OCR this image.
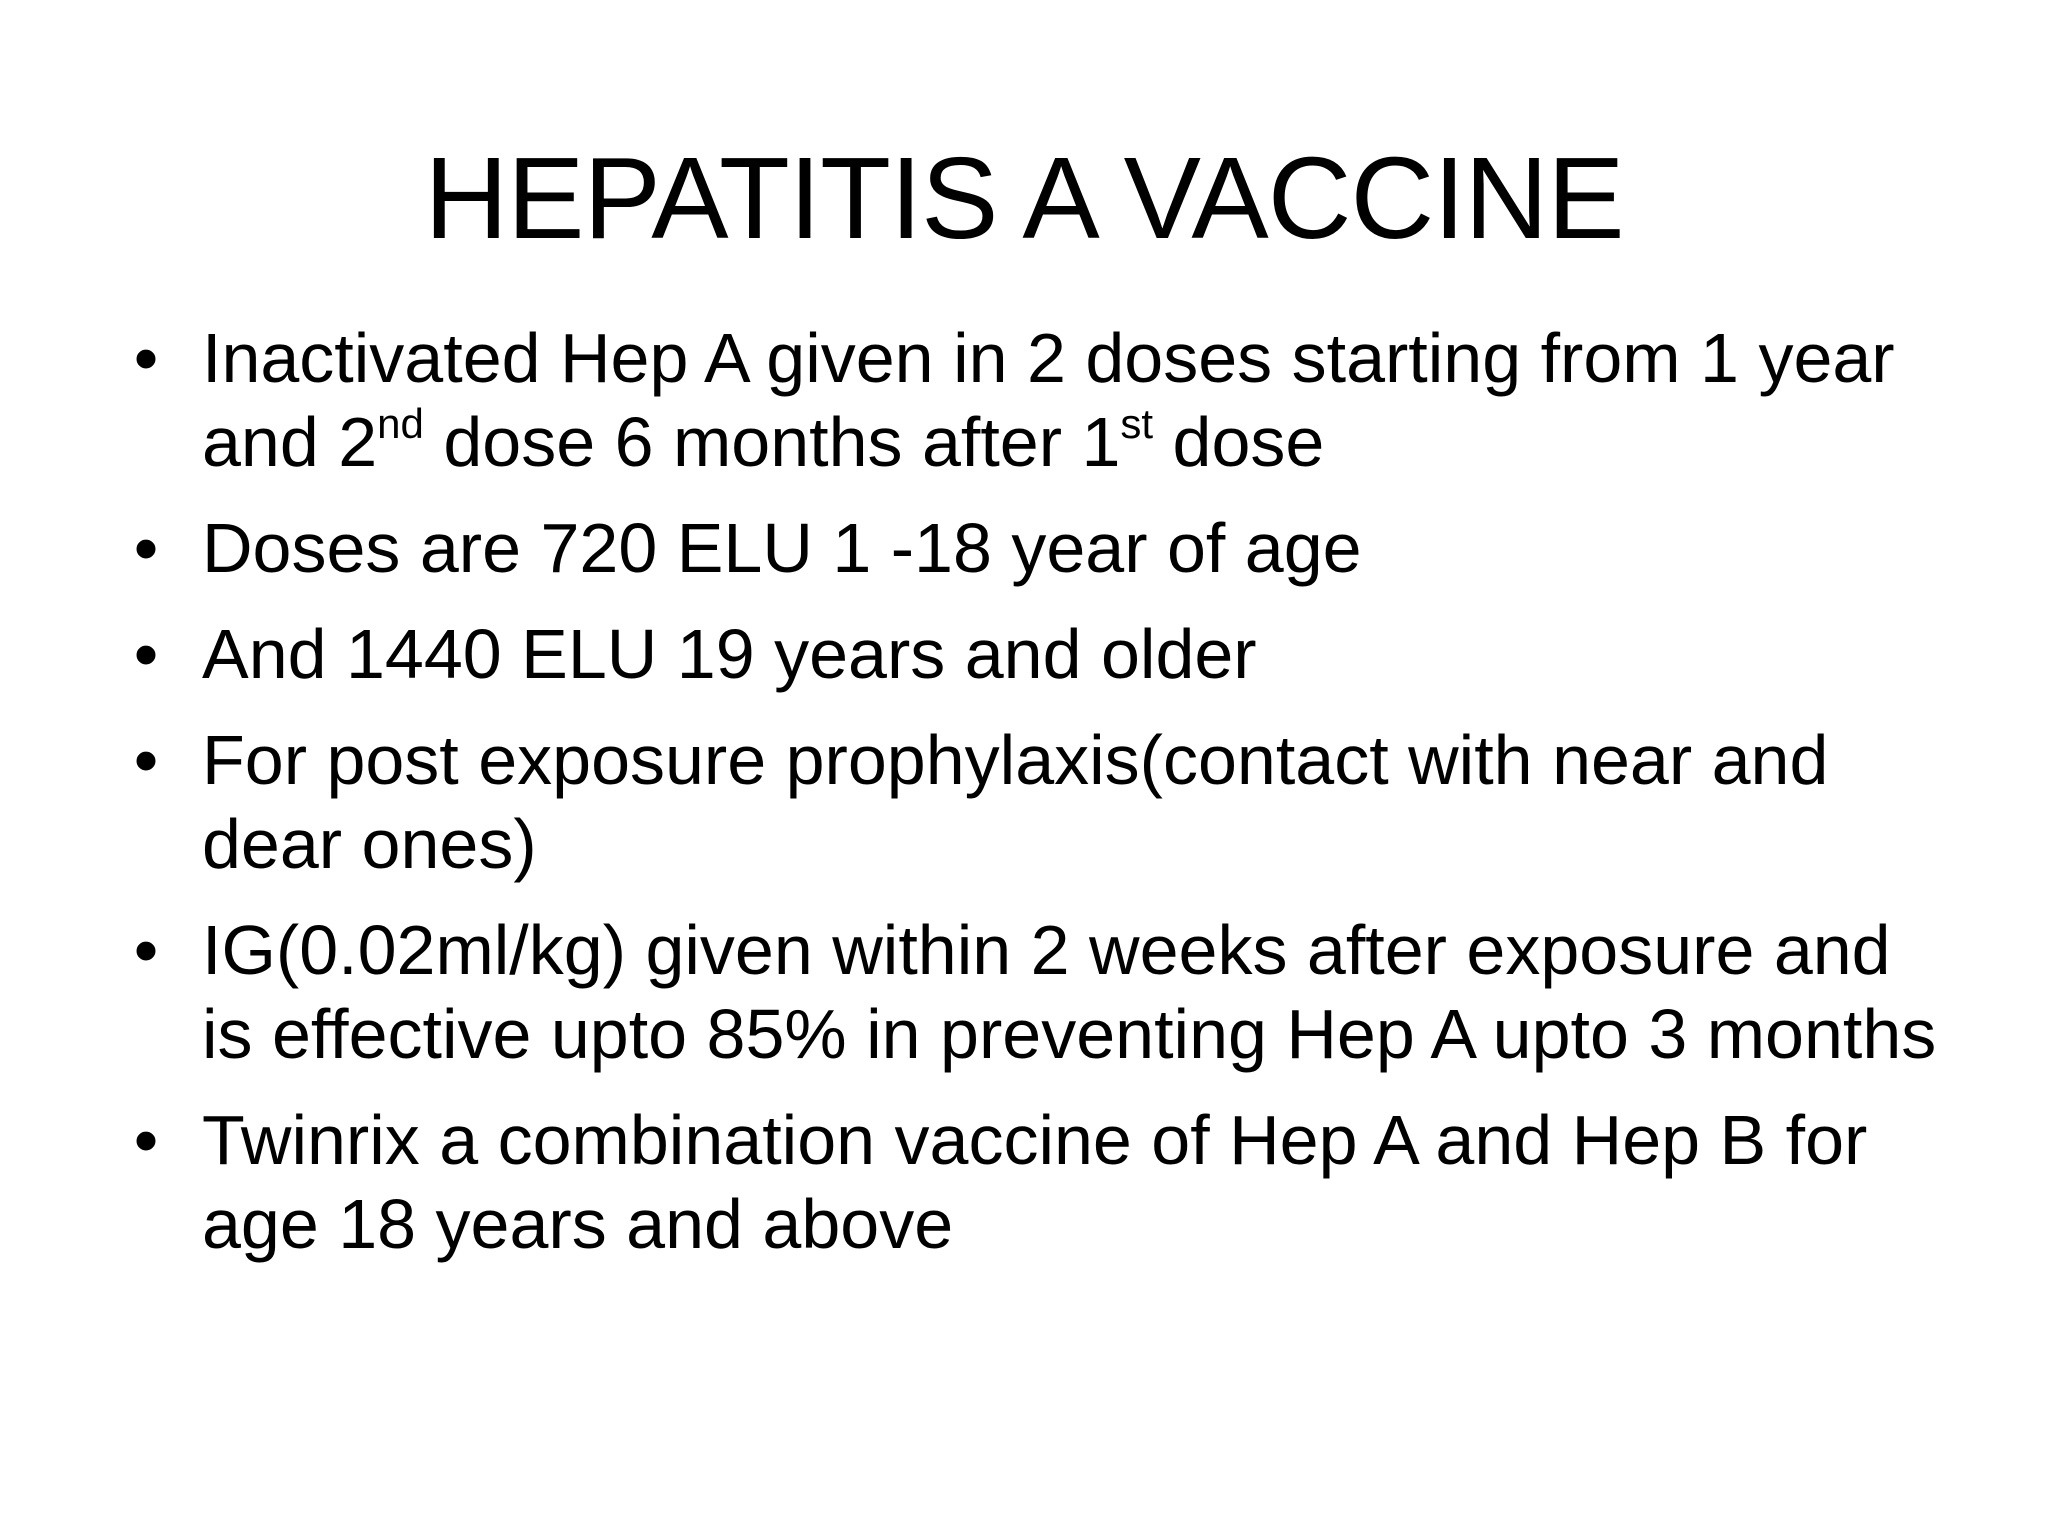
HEPATITIS A VACCINE
• Inactivated Hep A given in 2 doses starting from 1 year and 2nd dose 6 months after 1st dose
• Doses are 720 ELU 1 -18 year of age
• And 1440 ELU 19 years and older
• For post exposure prophylaxis(contact with near and dear ones)
• IG(0.02ml/kg) given within 2 weeks after exposure and is effective upto 85% in preventing Hep A upto 3 months
• Twinrix a combination vaccine of Hep A and Hep B for age 18 years and above
